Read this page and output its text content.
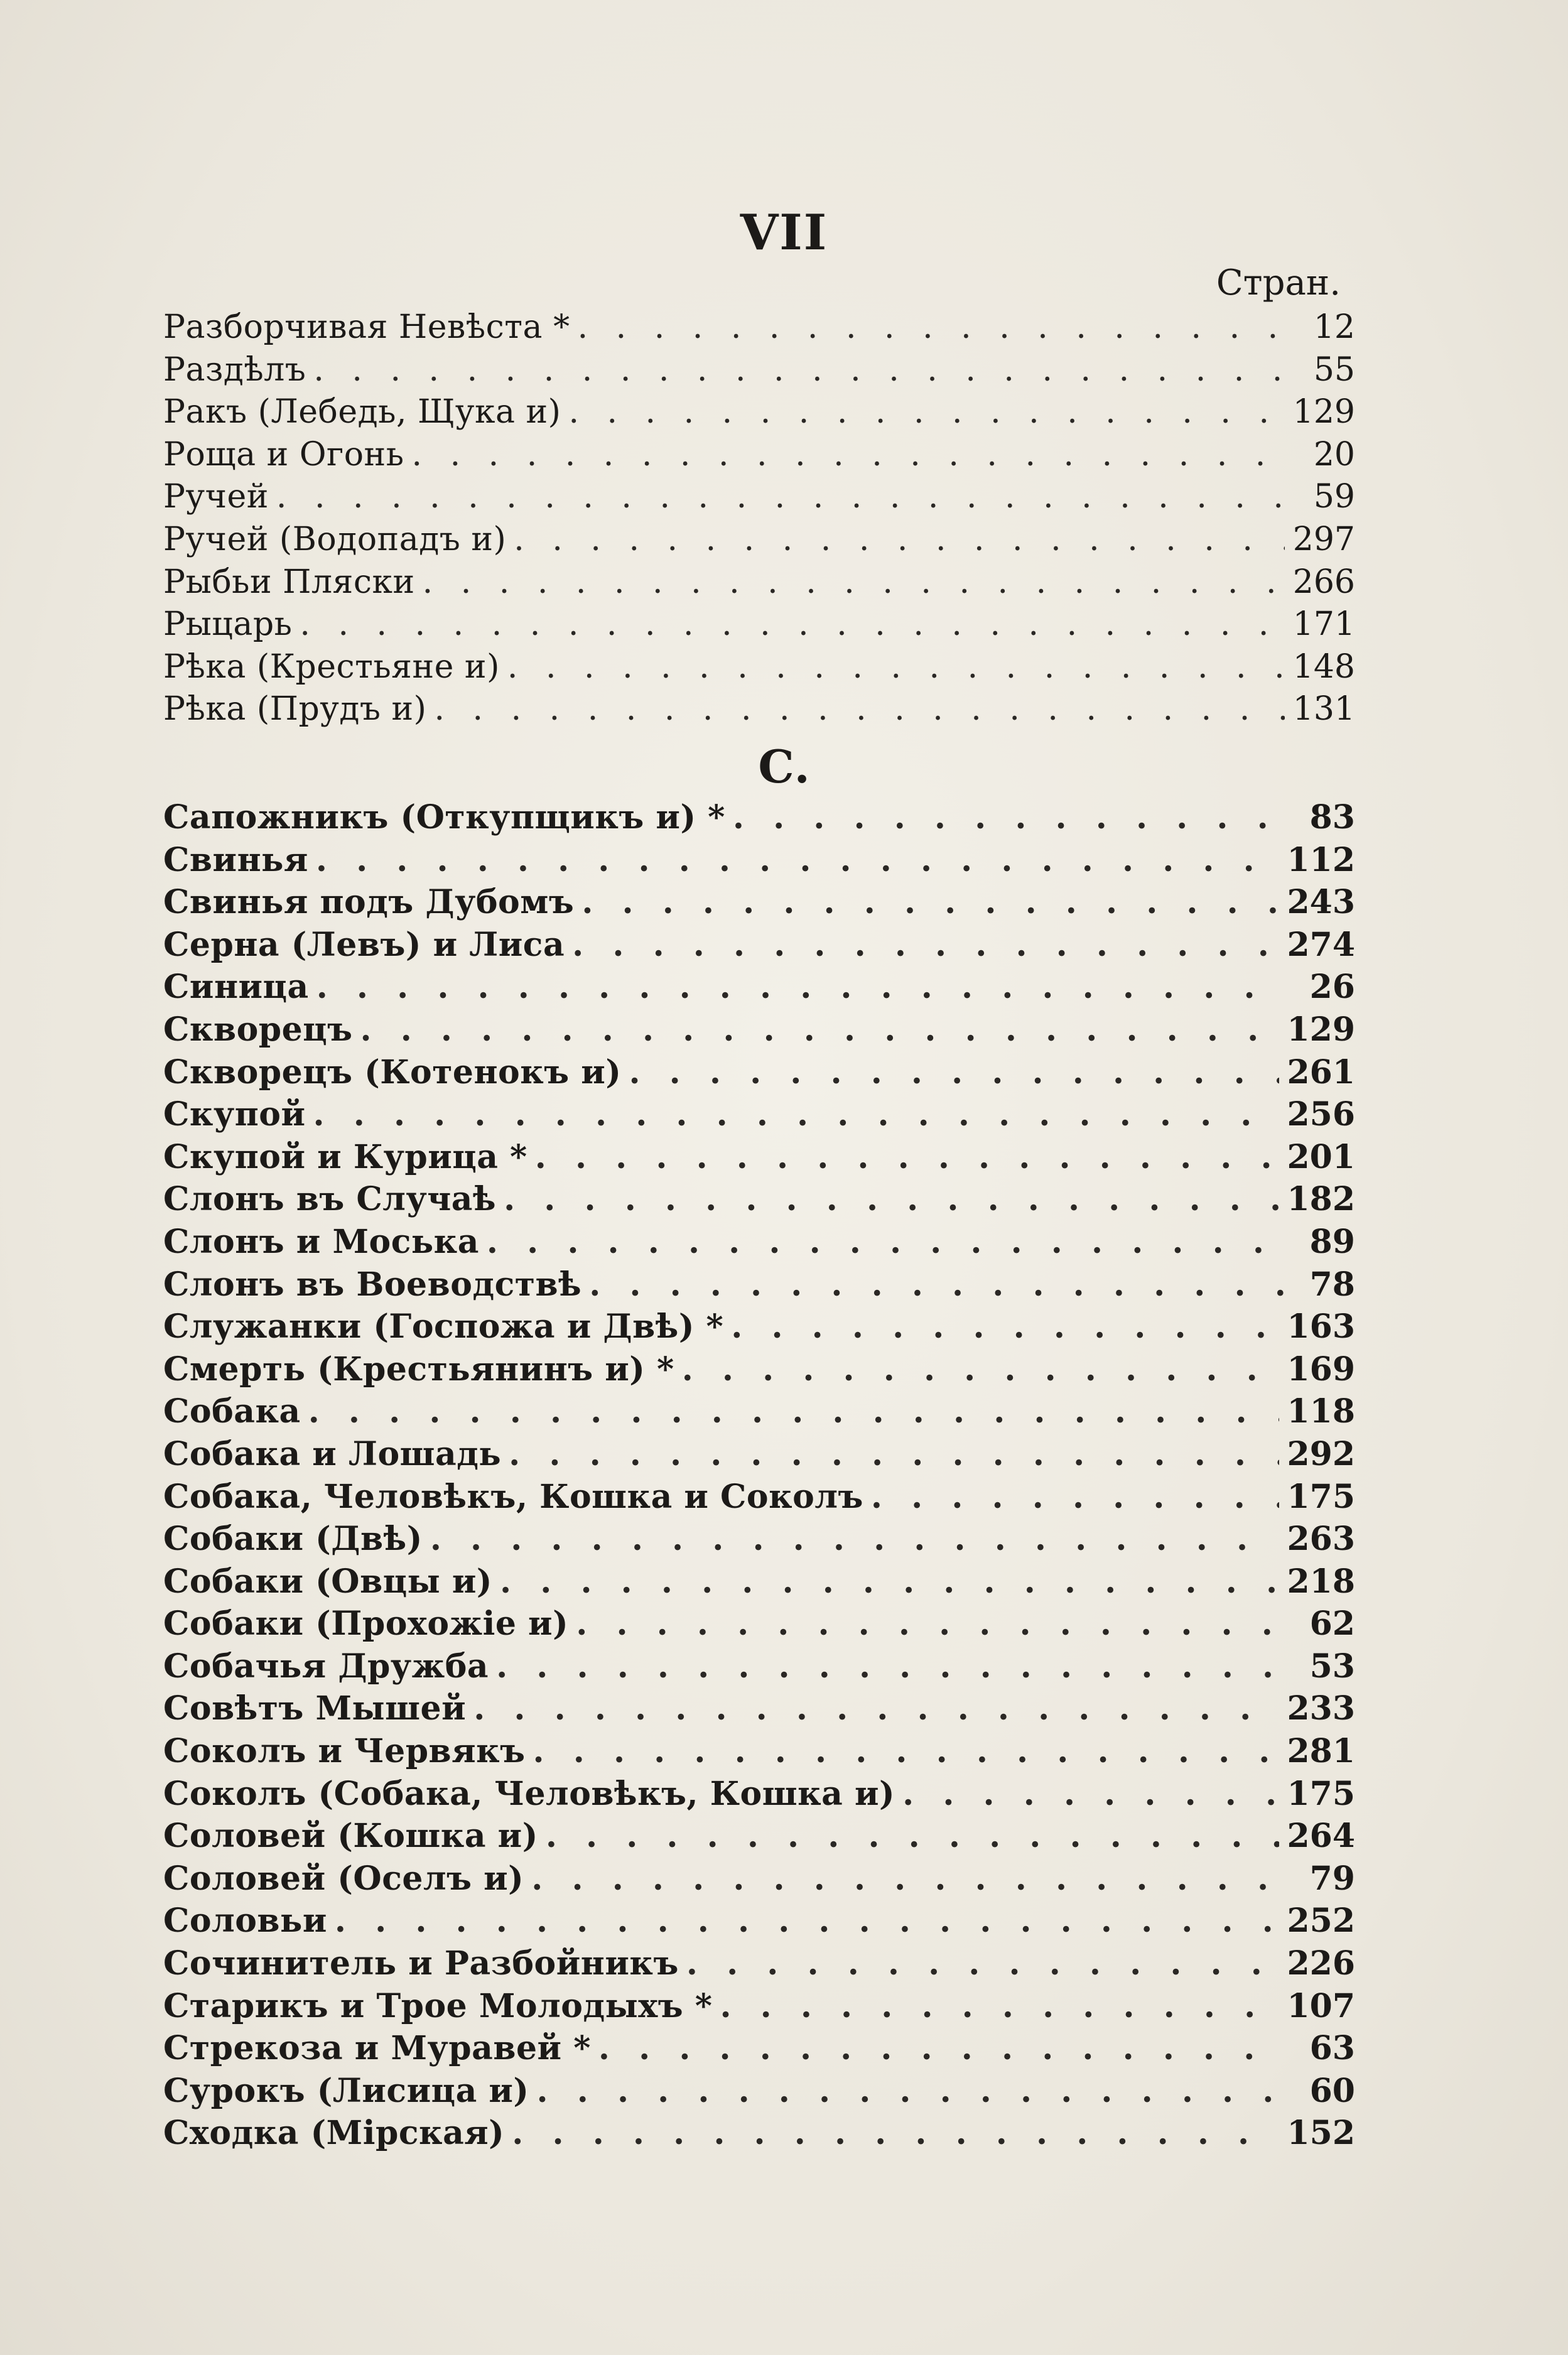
VII
Стран.
Разборчивая Невѣста * . . .	12
Раздѣлъ . . .	55
Ракъ (Лебедь, Щука и) . . .	129
Роща и Огонь . . .	20
Ручей . . .	59
Ручей (Водопадъ и) . . .	297
Рыбьи Пляски . . .	266
Рыцарь . . .	171
Рѣка (Крестьяне и) . . .	148
Рѣка (Прудъ и) . . .	131
С.
Сапожникъ (Откупщикъ и) * . . .	83
Свинья . . .	112
Свинья подъ Дубомъ . . .	243
Серна (Левъ) и Лиса . . .	274
Синица . . .	26
Скворецъ . . .	129
Скворецъ (Котенокъ и) . . .	261
Скупой . . .	256
Скупой и Курица * . . .	201
Слонъ въ Случаѣ . . .	182
Слонъ и Моська . . .	89
Слонъ въ Воеводствѣ . . .	78
Служанки (Госпожа и Двѣ) * . . .	163
Смерть (Крестьянинъ и) * . . .	169
Собака . . .	118
Собака и Лошадь . . .	292
Собака, Человѣкъ, Кошка и Соколъ . . .	175
Собаки (Двѣ) . . .	263
Собаки (Овцы и) . . .	218
Собаки (Прохожіе и) . . .	62
Собачья Дружба . . .	53
Совѣтъ Мышей . . .	233
Соколъ и Червякъ . . .	281
Соколъ (Собака, Человѣкъ, Кошка и) . . .	175
Соловей (Кошка и) . . .	264
Соловей (Оселъ и) . . .	79
Соловьи . . .	252
Сочинитель и Разбойникъ . . .	226
Старикъ и Трое Молодыхъ * . . .	107
Стрекоза и Муравей * . . .	63
Сурокъ (Лисица и) . . .	60
Сходка (Мірская) . . .	152
